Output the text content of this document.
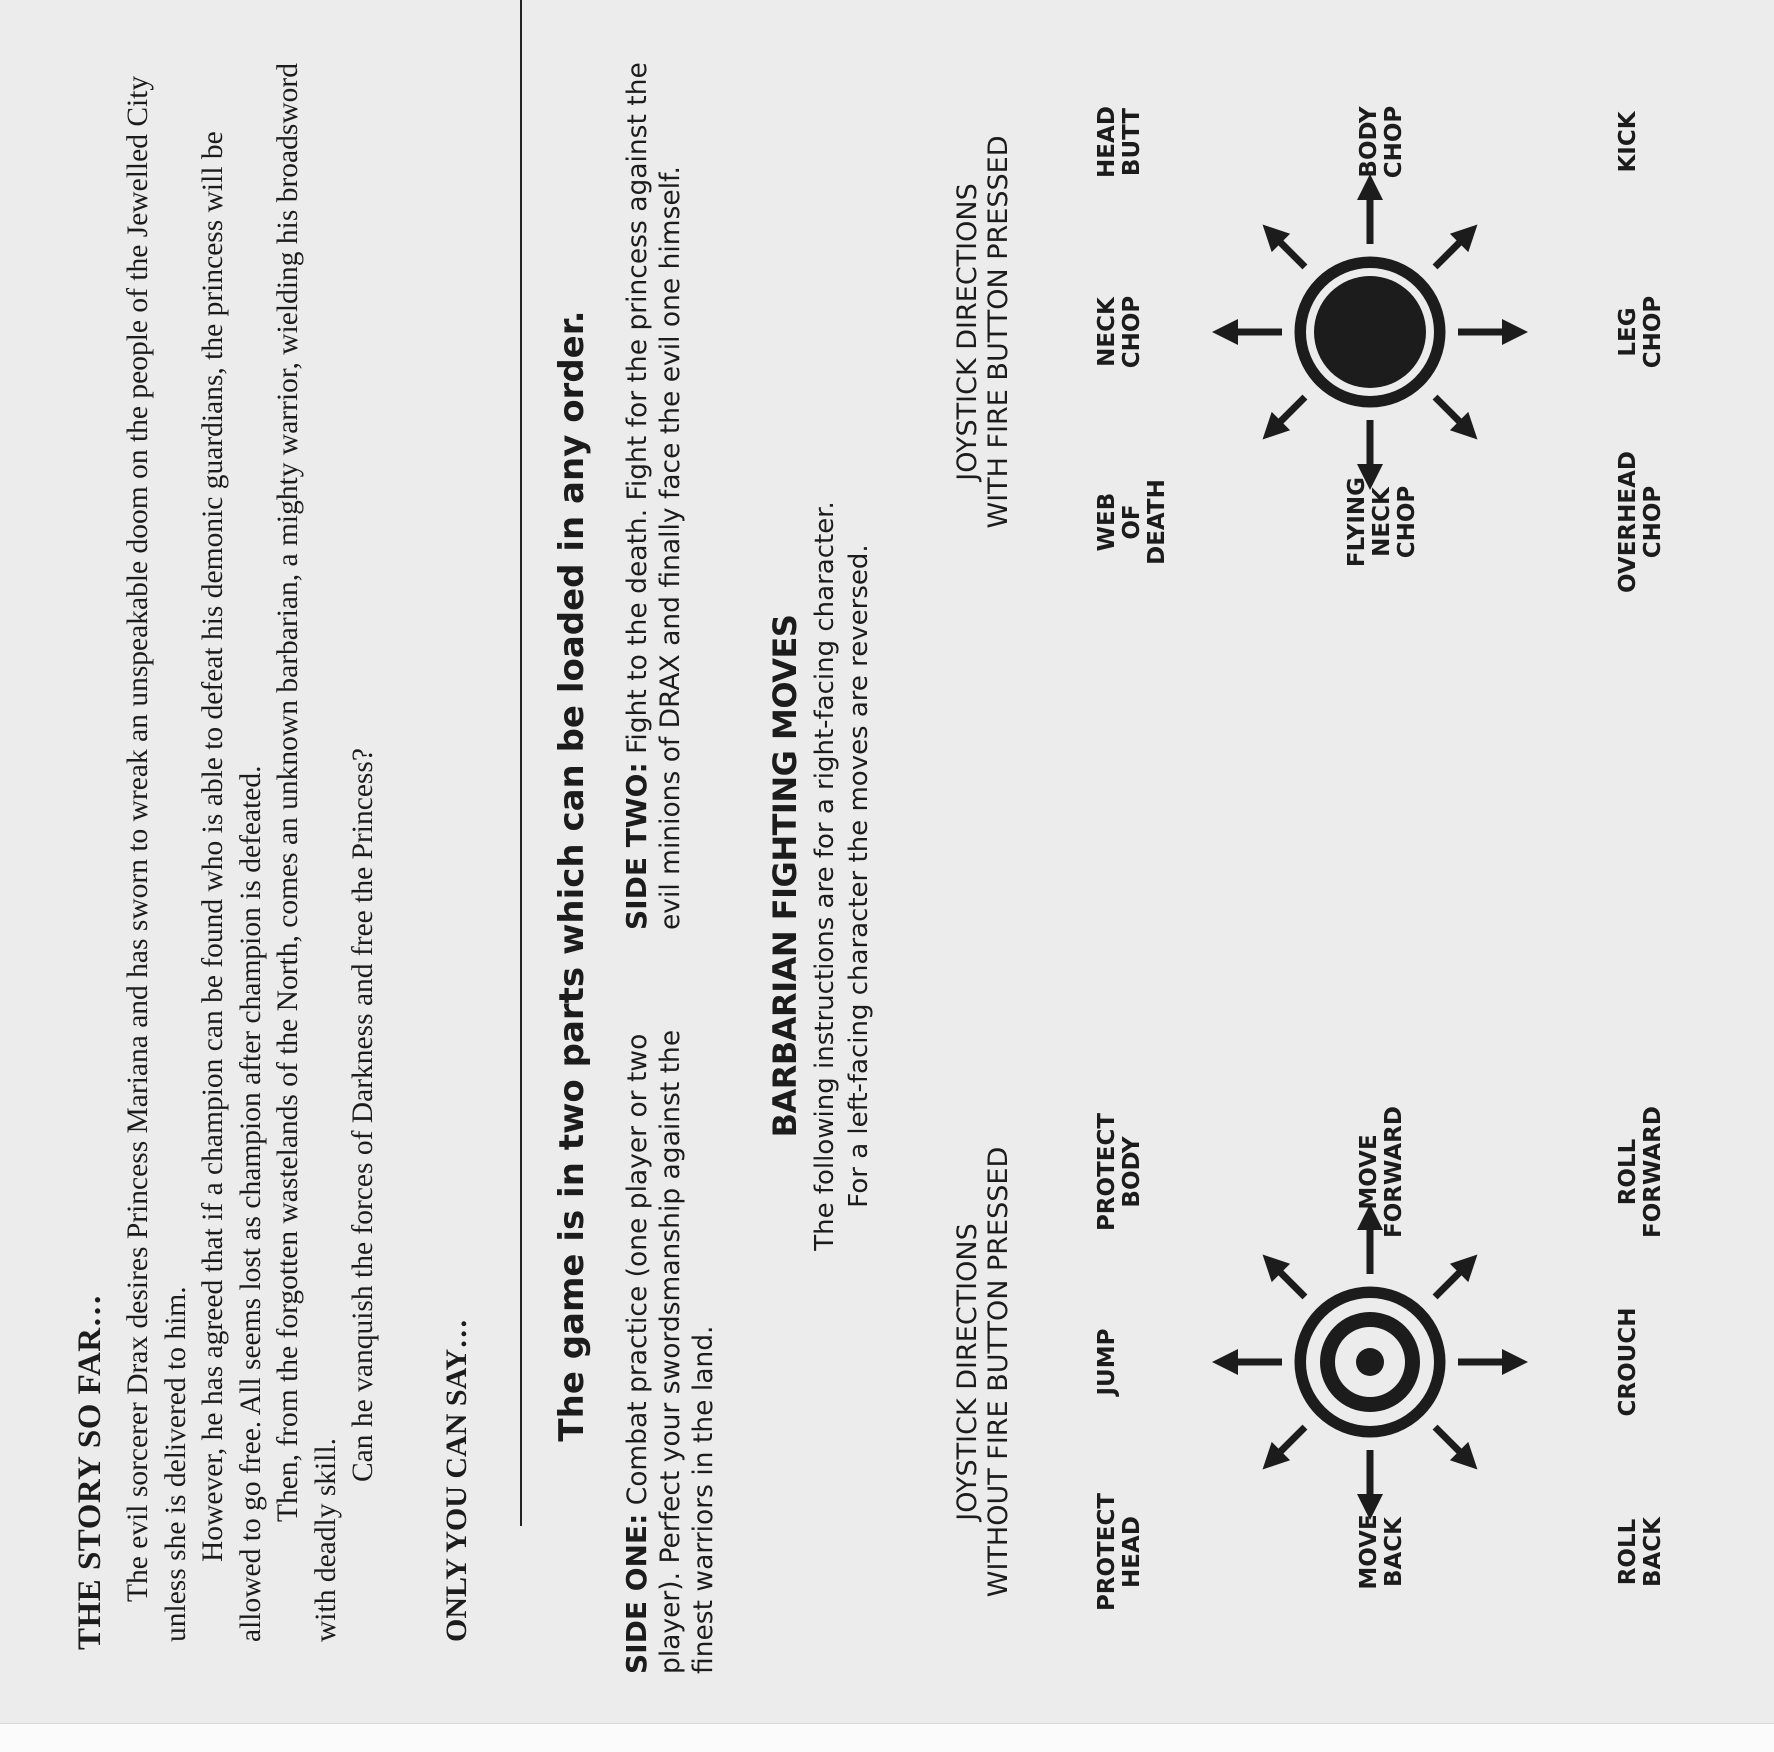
THE STORY SO FAR… The evil sorcerer Drax desires Princess Mariana and has sworn to wreak an unspeakable doom on the people of the Jewelled City unless she is delivered to him. However, he has agreed that if a champion can be found who is able to defeat his demonic guardians, the princess will be allowed to go free. All seems lost as champion after champion is defeated. Then, from the forgotten wastelands of the North, comes an unknown barbarian, a mighty warrior, wielding his broadsword with deadly skill.

Can he vanquish the forces of Darkness and free the Princess? ONLY YOU CAN SAY…
The game is in two parts which can be loaded in any order.
SIDE ONE: Combat practice (one player or two player). Perfect your swordsmanship against the finest warriors in the land.
SIDE TWO: Fight to the death. Fight for the princess against the evil minions of DRAX and finally face the evil one himself.	BARBARIAN FIGHTING MOVES The following instructions are for a right-facing character. For a left-facing character the moves are reversed.
JOYSTICK DIRECTIONS WITHOUT FIRE BUTTON PRESSED
JOYSTICK DIRECTIONS WITH FIRE BUTTON PRESSED
PROTECT HEAD
JUMP
PROTECT BODY
MOVE BACK
MOVE FORWARD
ROLL BACK
CROUCH
ROLL FORWARD
WEB OF DEATH
NECK CHOP
HEAD BUTT
FLYING NECK CHOP
BODY CHOP
OVERHEAD CHOP
LEG CHOP
KICK
